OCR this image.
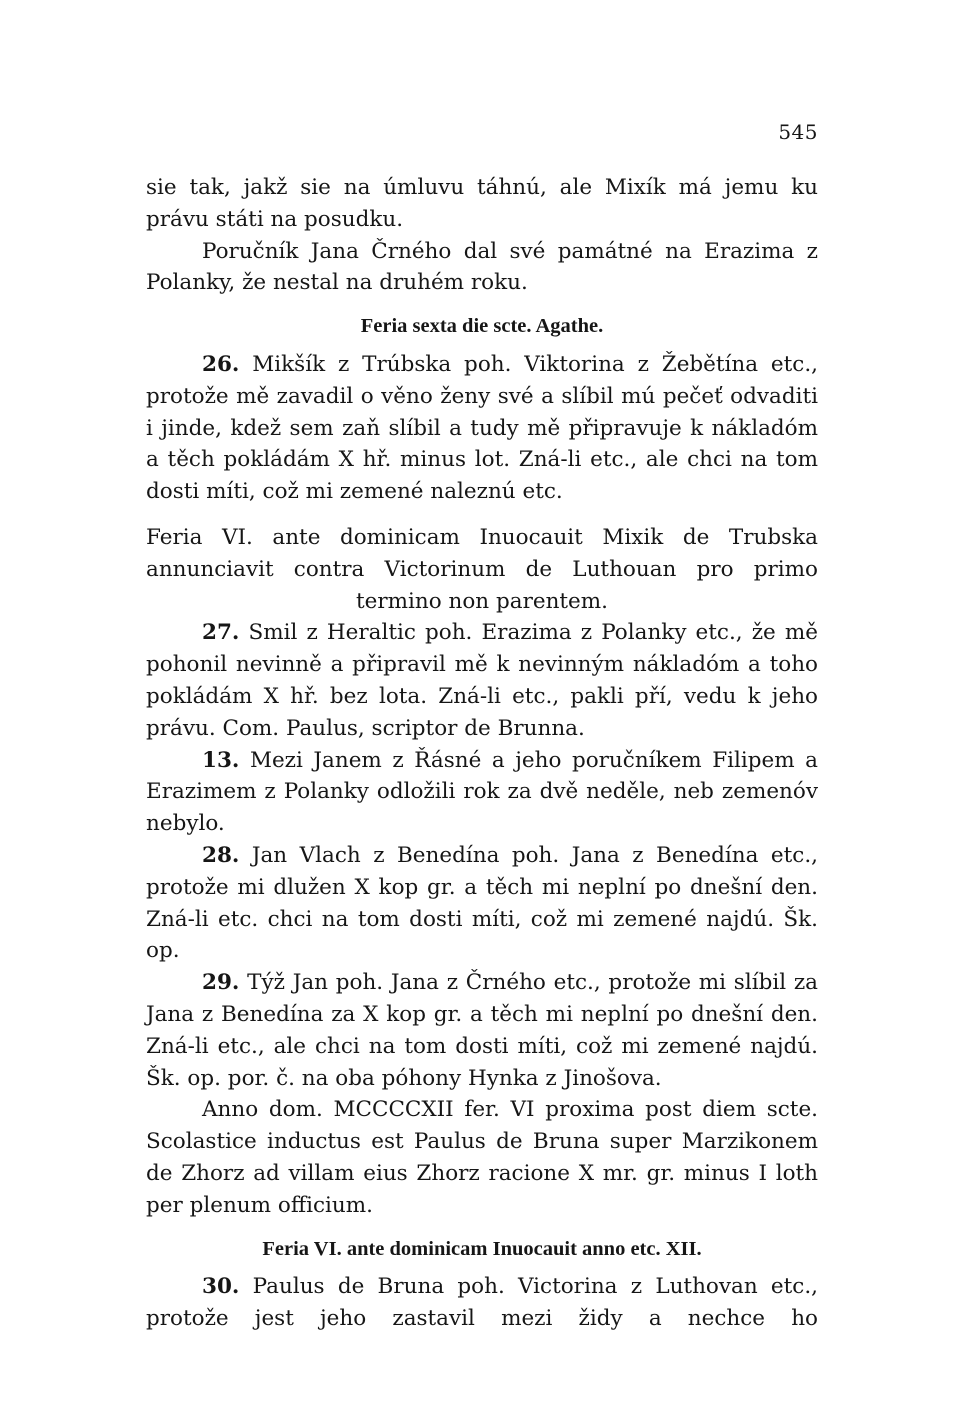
545

sie tak, jakž sie na úmluvu táhnú, ale Mixík má jemu ku právu státi na posudku.

Poručník Jana Črného dal své památné na Erazima z Polanky, že nestal na druhém roku.

Feria sexta die scte. Agathe.

26. Mikšík z Trúbska poh. Viktorina z Žebětína etc., protože mě zavadil o věno ženy své a slíbil mú pečeť odvaditi i jinde, kdež sem zaň slíbil a tudy mě připravuje k nákladóm a těch pokládám X hř. minus lot. Zná-li etc., ale chci na tom dosti míti, což mi zemené naleznú etc.

Feria VI. ante dominicam Inuocauit Mixik de Trubska annunciavit contra Victorinum de Luthouan pro primo

termino non parentem.

27. Smil z Heraltic poh. Erazima z Polanky etc., že mě pohonil nevinně a připravil mě k nevinným nákladóm a toho pokládám X hř. bez lota. Zná-li etc., pakli pří, vedu k jeho právu. Com. Paulus, scriptor de Brunna.

13. Mezi Janem z Řásné a jeho poručníkem Filipem a Erazimem z Polanky odložili rok za dvě neděle, neb zemenóv nebylo.

28. Jan Vlach z Benedína poh. Jana z Benedína etc., protože mi dlužen X kop gr. a těch mi neplní po dnešní den. Zná-li etc. chci na tom dosti míti, což mi zemené najdú. Šk. op.

29. Týž Jan poh. Jana z Črného etc., protože mi slíbil za Jana z Benedína za X kop gr. a těch mi neplní po dnešní den. Zná-li etc., ale chci na tom dosti míti, což mi zemené najdú. Šk. op. por. č. na oba póhony Hynka z Jinošova.

Anno dom. MCCCCXII fer. VI proxima post diem scte. Scolastice inductus est Paulus de Bruna super Marzikonem de Zhorz ad villam eius Zhorz racione X mr. gr. minus I loth per plenum officium.

Feria VI. ante dominicam Inuocauit anno etc. XII.

30. Paulus de Bruna poh. Victorina z Luthovan etc., protože jest jeho zastavil mezi židy a nechce ho
